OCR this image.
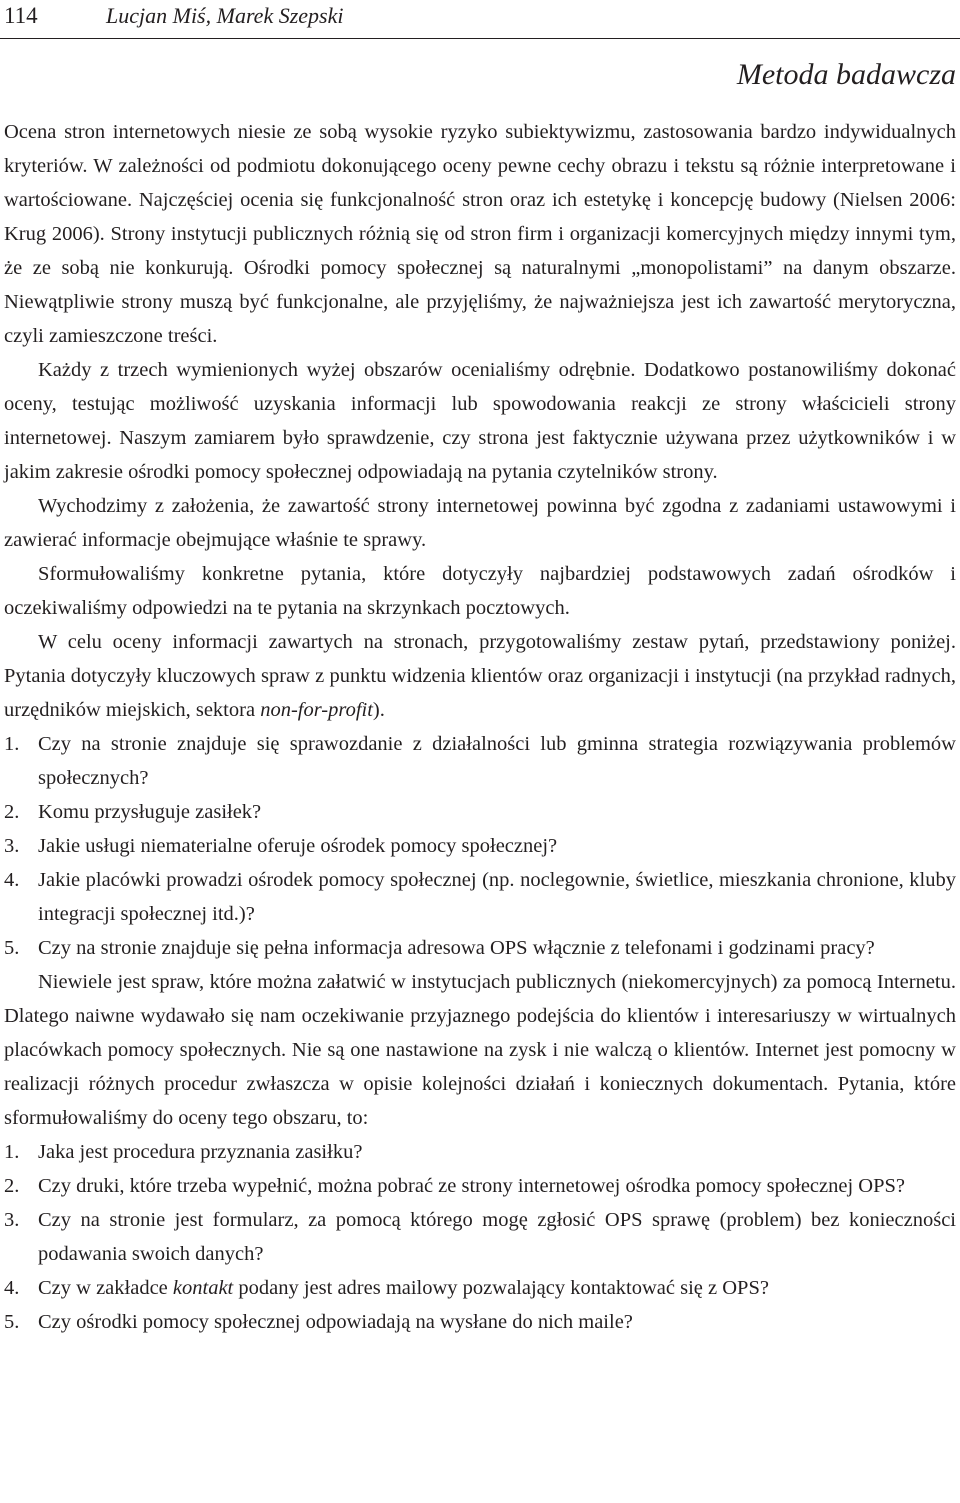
114	Lucjan Miś, Marek Szepski
Metoda badawcza

Ocena stron internetowych niesie ze sobą wysokie ryzyko subiektywizmu, zastosowania bardzo indywidualnych kryteriów. W zależności od podmiotu dokonującego oceny pewne cechy obrazu i tekstu są różnie interpretowane i wartościowane. Najczęściej ocenia się funkcjonalność stron oraz ich estetykę i koncepcję budowy (Nielsen 2006: Krug 2006). Strony instytucji publicznych różnią się od stron firm i organizacji komercyjnych między innymi tym, że ze sobą nie konkurują. Ośrodki pomocy społecznej są naturalnymi „monopolistami” na danym obszarze. Niewątpliwie strony muszą być funkcjonalne, ale przyjęliśmy, że najważniejsza jest ich zawartość merytoryczna, czyli zamieszczone treści.

Każdy z trzech wymienionych wyżej obszarów ocenialiśmy odrębnie. Dodatkowo postanowiliśmy dokonać oceny, testując możliwość uzyskania informacji lub spowodowania reakcji ze strony właścicieli strony internetowej. Naszym zamiarem było sprawdzenie, czy strona jest faktycznie używana przez użytkowników i w jakim zakresie ośrodki pomocy społecznej odpowiadają na pytania czytelników strony.

Wychodzimy z założenia, że zawartość strony internetowej powinna być zgodna z zadaniami ustawowymi i zawierać informacje obejmujące właśnie te sprawy.

Sformułowaliśmy konkretne pytania, które dotyczyły najbardziej podstawowych zadań ośrodków i oczekiwaliśmy odpowiedzi na te pytania na skrzynkach pocztowych.

W celu oceny informacji zawartych na stronach, przygotowaliśmy zestaw pytań, przedstawiony poniżej. Pytania dotyczyły kluczowych spraw z punktu widzenia klientów oraz organizacji i instytucji (na przykład radnych, urzędników miejskich, sektora non-for-profit).

1. Czy na stronie znajduje się sprawozdanie z działalności lub gminna strategia rozwiązywania problemów społecznych?
2. Komu przysługuje zasiłek?
3. Jakie usługi niematerialne oferuje ośrodek pomocy społecznej?
4. Jakie placówki prowadzi ośrodek pomocy społecznej (np. noclegownie, świetlice, mieszkania chronione, kluby integracji społecznej itd.)?
5. Czy na stronie znajduje się pełna informacja adresowa OPS włącznie z telefonami i godzinami pracy?

Niewiele jest spraw, które można załatwić w instytucjach publicznych (niekomercyjnych) za pomocą Internetu. Dlatego naiwne wydawało się nam oczekiwanie przyjaznego podejścia do klientów i interesariuszy w wirtualnych placówkach pomocy społecznych. Nie są one nastawione na zysk i nie walczą o klientów. Internet jest pomocny w realizacji różnych procedur zwłaszcza w opisie kolejności działań i koniecznych dokumentach. Pytania, które sformułowaliśmy do oceny tego obszaru, to:

1. Jaka jest procedura przyznania zasiłku?
2. Czy druki, które trzeba wypełnić, można pobrać ze strony internetowej ośrodka pomocy społecznej OPS?
3. Czy na stronie jest formularz, za pomocą którego mogę zgłosić OPS sprawę (problem) bez konieczności podawania swoich danych?
4. Czy w zakładce kontakt podany jest adres mailowy pozwalający kontaktować się z OPS?
5. Czy ośrodki pomocy społecznej odpowiadają na wysłane do nich maile?
